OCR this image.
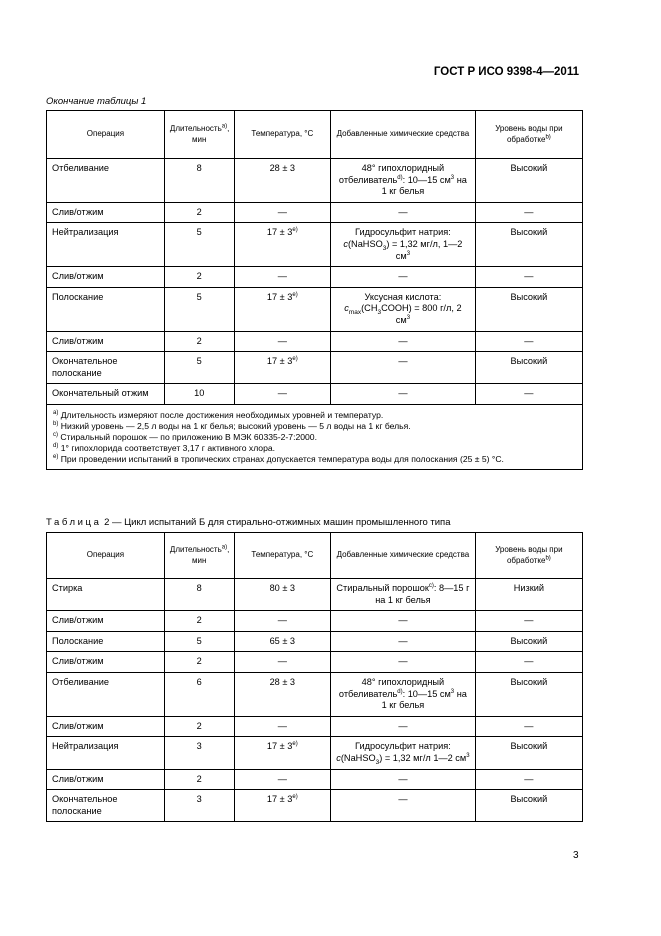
ГОСТ Р ИСО 9398-4—2011
Окончание таблицы 1
Операция	Длительность$^{a)}$, мин	Температура, °С	Добавленные химические средства	Уровень воды при обработке$^{b)}$
Отбеливание	8	28 ± 3	48° гипохлоридный отбеливатель$^{d)}$: 10—15 $см^3$ на 1 кг белья	Высокий
Слив/отжим	2	—	—	—
Нейтрализация	5	$17 \pm 3^{e)}$	Гидросульфит натрия: c(NaHSO$_3$) = 1,32 мг/л, 1—2 $см^3$	Высокий
Слив/отжим	2	—	—	—
Полоскание	5	$17 \pm 3^{e)}$	Уксусная кислота: $c_{max}(CH_3COOH) = 800$ г/л, 2 $см^3$	Высокий
Слив/отжим	2	—	—	—
Окончательное полоскание	5	$17 \pm 3^{e)}$	—	Высокий
Окончательный отжим	10	—	—	—

$^{a)}$ Длительность измеряют после достижения необходимых уровней и температур.

$^{b)}$ Низкий уровень — 2,5 л воды на 1 кг белья; высокий уровень — 5 л воды на 1 кг белья.

$^{c)}$ Стиральный порошок — по приложению В МЭК 60335-2-7:2000.

$^{d)}$ 1° гипохлорида соответствует 3,17 г активного хлора.

$^{e)}$ При проведении испытаний в тропических странах допускается температура воды для полоскания (25 ± 5) °С.				

Таблица 2 — Цикл испытаний Б для стирально-отжимных машин промышленного типа
Операция	Длительность$^{a)}$, мин	Температура, °С	Добавленные химические средства	Уровень воды при обработке$^{b)}$
Стирка	8	80 ± 3	Стиральный порошок$^{c)}$: 8—15 г на 1 кг белья	Низкий
Слив/отжим	2	—	—	—
Полоскание	5	65 ± 3	—	Высокий
Слив/отжим	2	—	—	—
Отбеливание	6	28 ± 3	48° гипохлоридный отбеливатель$^{d)}$: 10—15 $см^3$ на 1 кг белья	Высокий
Слив/отжим	2	—	—	—
Нейтрализация	3	$17 \pm 3^{e)}$	Гидросульфит натрия: c(NaHSO$_3$) = 1,32 мг/л 1—2 $см^3$	Высокий
Слив/отжим	2	—	—	—
Окончательное полоскание	3	$17 \pm 3^{e)}$	—	Высокий
3
